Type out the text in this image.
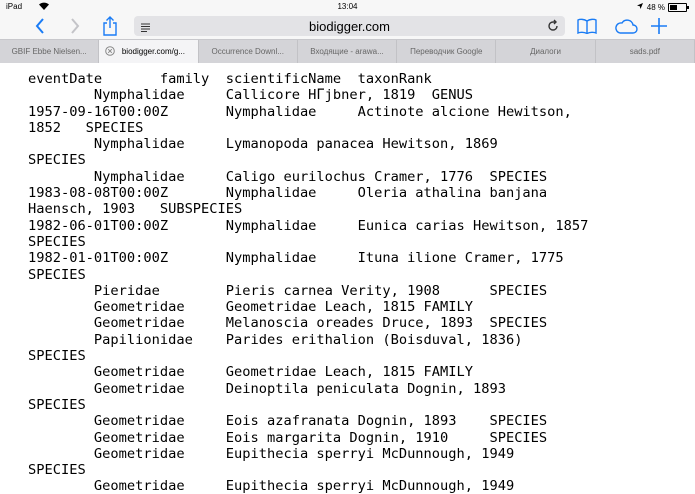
iPad	13:04	48 %
biodigger.com
GBIF Ebbe Nielsen...	biodigger.com/g...	Occurrence Downl...	Входящие - arawa...	Переводчик Google	Диалоги	sads.pdf
eventDate       family  scientificName  taxonRank
Nymphalidae     Callicore HΓjbner, 1819  GENUS
1957-09-16T00:00Z       Nymphalidae     Actinote alcione Hewitson,
1852   SPECIES
Nymphalidae     Lymanopoda panacea Hewitson, 1869
SPECIES
Nymphalidae     Caligo eurilochus Cramer, 1776  SPECIES
1983-08-08T00:00Z       Nymphalidae     Oleria athalina banjana
Haensch, 1903   SUBSPECIES
1982-06-01T00:00Z       Nymphalidae     Eunica carias Hewitson, 1857
SPECIES
1982-01-01T00:00Z       Nymphalidae     Ituna ilione Cramer, 1775
SPECIES
Pieridae        Pieris carnea Verity, 1908      SPECIES
Geometridae     Geometridae Leach, 1815 FAMILY
Geometridae     Melanoscia oreades Druce, 1893  SPECIES
Papilionidae    Parides erithalion (Boisduval, 1836)
SPECIES
Geometridae     Geometridae Leach, 1815 FAMILY
Geometridae     Deinoptila peniculata Dognin, 1893
SPECIES
Geometridae     Eois azafranata Dognin, 1893    SPECIES
Geometridae     Eois margarita Dognin, 1910     SPECIES
Geometridae     Eupithecia sperryi McDunnough, 1949
SPECIES
Geometridae     Eupithecia sperryi McDunnough, 1949
